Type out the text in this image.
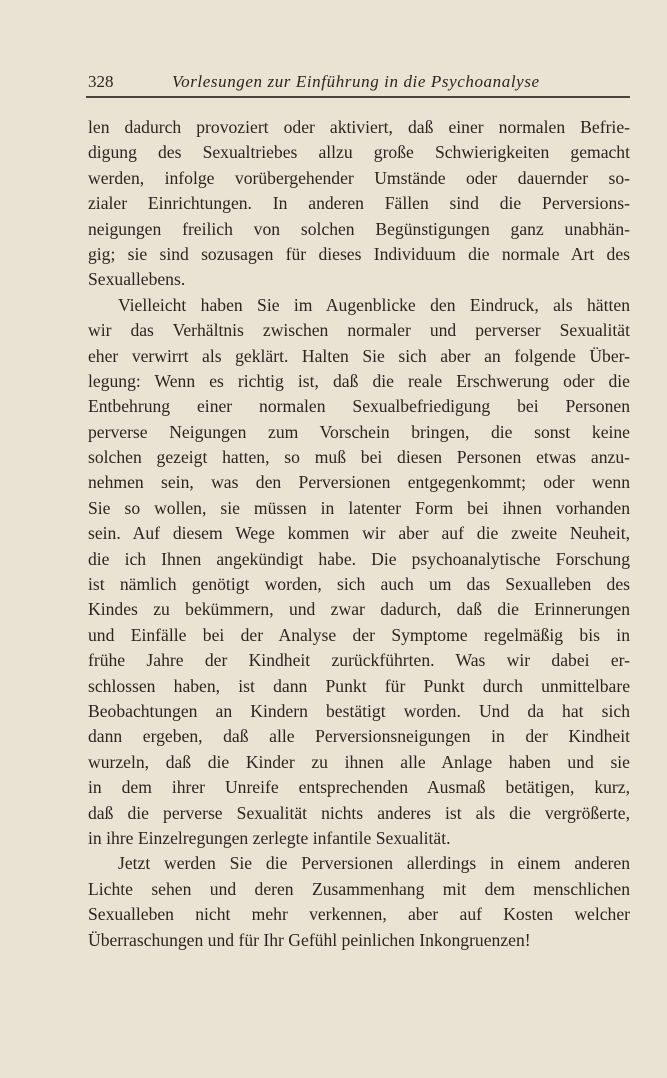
328	Vorlesungen zur Einführung in die Psychoanalyse
len dadurch provoziert oder aktiviert, daß einer normalen Befrie-
digung des Sexualtriebes allzu große Schwierigkeiten gemacht
werden, infolge vorübergehender Umstände oder dauernder so-
zialer Einrichtungen. In anderen Fällen sind die Perversions-
neigungen freilich von solchen Begünstigungen ganz unabhän-
gig; sie sind sozusagen für dieses Individuum die normale Art des
Sexuallebens.
Vielleicht haben Sie im Augenblicke den Eindruck, als hätten
wir das Verhältnis zwischen normaler und perverser Sexualität
eher verwirrt als geklärt. Halten Sie sich aber an folgende Über-
legung: Wenn es richtig ist, daß die reale Erschwerung oder die
Entbehrung einer normalen Sexualbefriedigung bei Personen
perverse Neigungen zum Vorschein bringen, die sonst keine
solchen gezeigt hatten, so muß bei diesen Personen etwas anzu-
nehmen sein, was den Perversionen entgegenkommt; oder wenn
Sie so wollen, sie müssen in latenter Form bei ihnen vorhanden
sein. Auf diesem Wege kommen wir aber auf die zweite Neuheit,
die ich Ihnen angekündigt habe. Die psychoanalytische Forschung
ist nämlich genötigt worden, sich auch um das Sexualleben des
Kindes zu bekümmern, und zwar dadurch, daß die Erinnerungen
und Einfälle bei der Analyse der Symptome regelmäßig bis in
frühe Jahre der Kindheit zurückführten. Was wir dabei er-
schlossen haben, ist dann Punkt für Punkt durch unmittelbare
Beobachtungen an Kindern bestätigt worden. Und da hat sich
dann ergeben, daß alle Perversionsneigungen in der Kindheit
wurzeln, daß die Kinder zu ihnen alle Anlage haben und sie
in dem ihrer Unreife entsprechenden Ausmaß betätigen, kurz,
daß die perverse Sexualität nichts anderes ist als die vergrößerte,
in ihre Einzelregungen zerlegte infantile Sexualität.
Jetzt werden Sie die Perversionen allerdings in einem anderen
Lichte sehen und deren Zusammenhang mit dem menschlichen
Sexualleben nicht mehr verkennen, aber auf Kosten welcher
Überraschungen und für Ihr Gefühl peinlichen Inkongruenzen!
